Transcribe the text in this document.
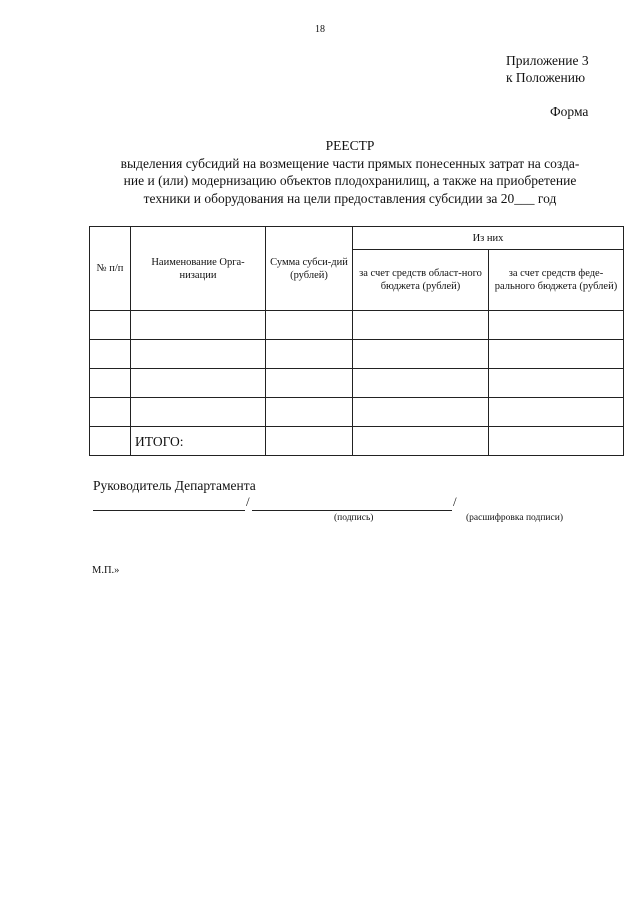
18
Приложение 3
к Положению
Форма
РЕЕСТР
выделения субсидий на возмещение части прямых понесенных затрат на созда-
ние и (или) модернизацию объектов плодохранилищ, а также на приобретение
техники и оборудования на цели предоставления субсидии за 20___ год
№ п/п	Наименование Орга-низации	Сумма субси-дий (рублей)	Из них	
			за счет средств област-ного бюджета (рублей)	за счет средств феде-рального бюджета (рублей)

	ИТОГО:			
Руководитель Департамента
/	/
(подпись)	(расшифровка подписи)
М.П.»
